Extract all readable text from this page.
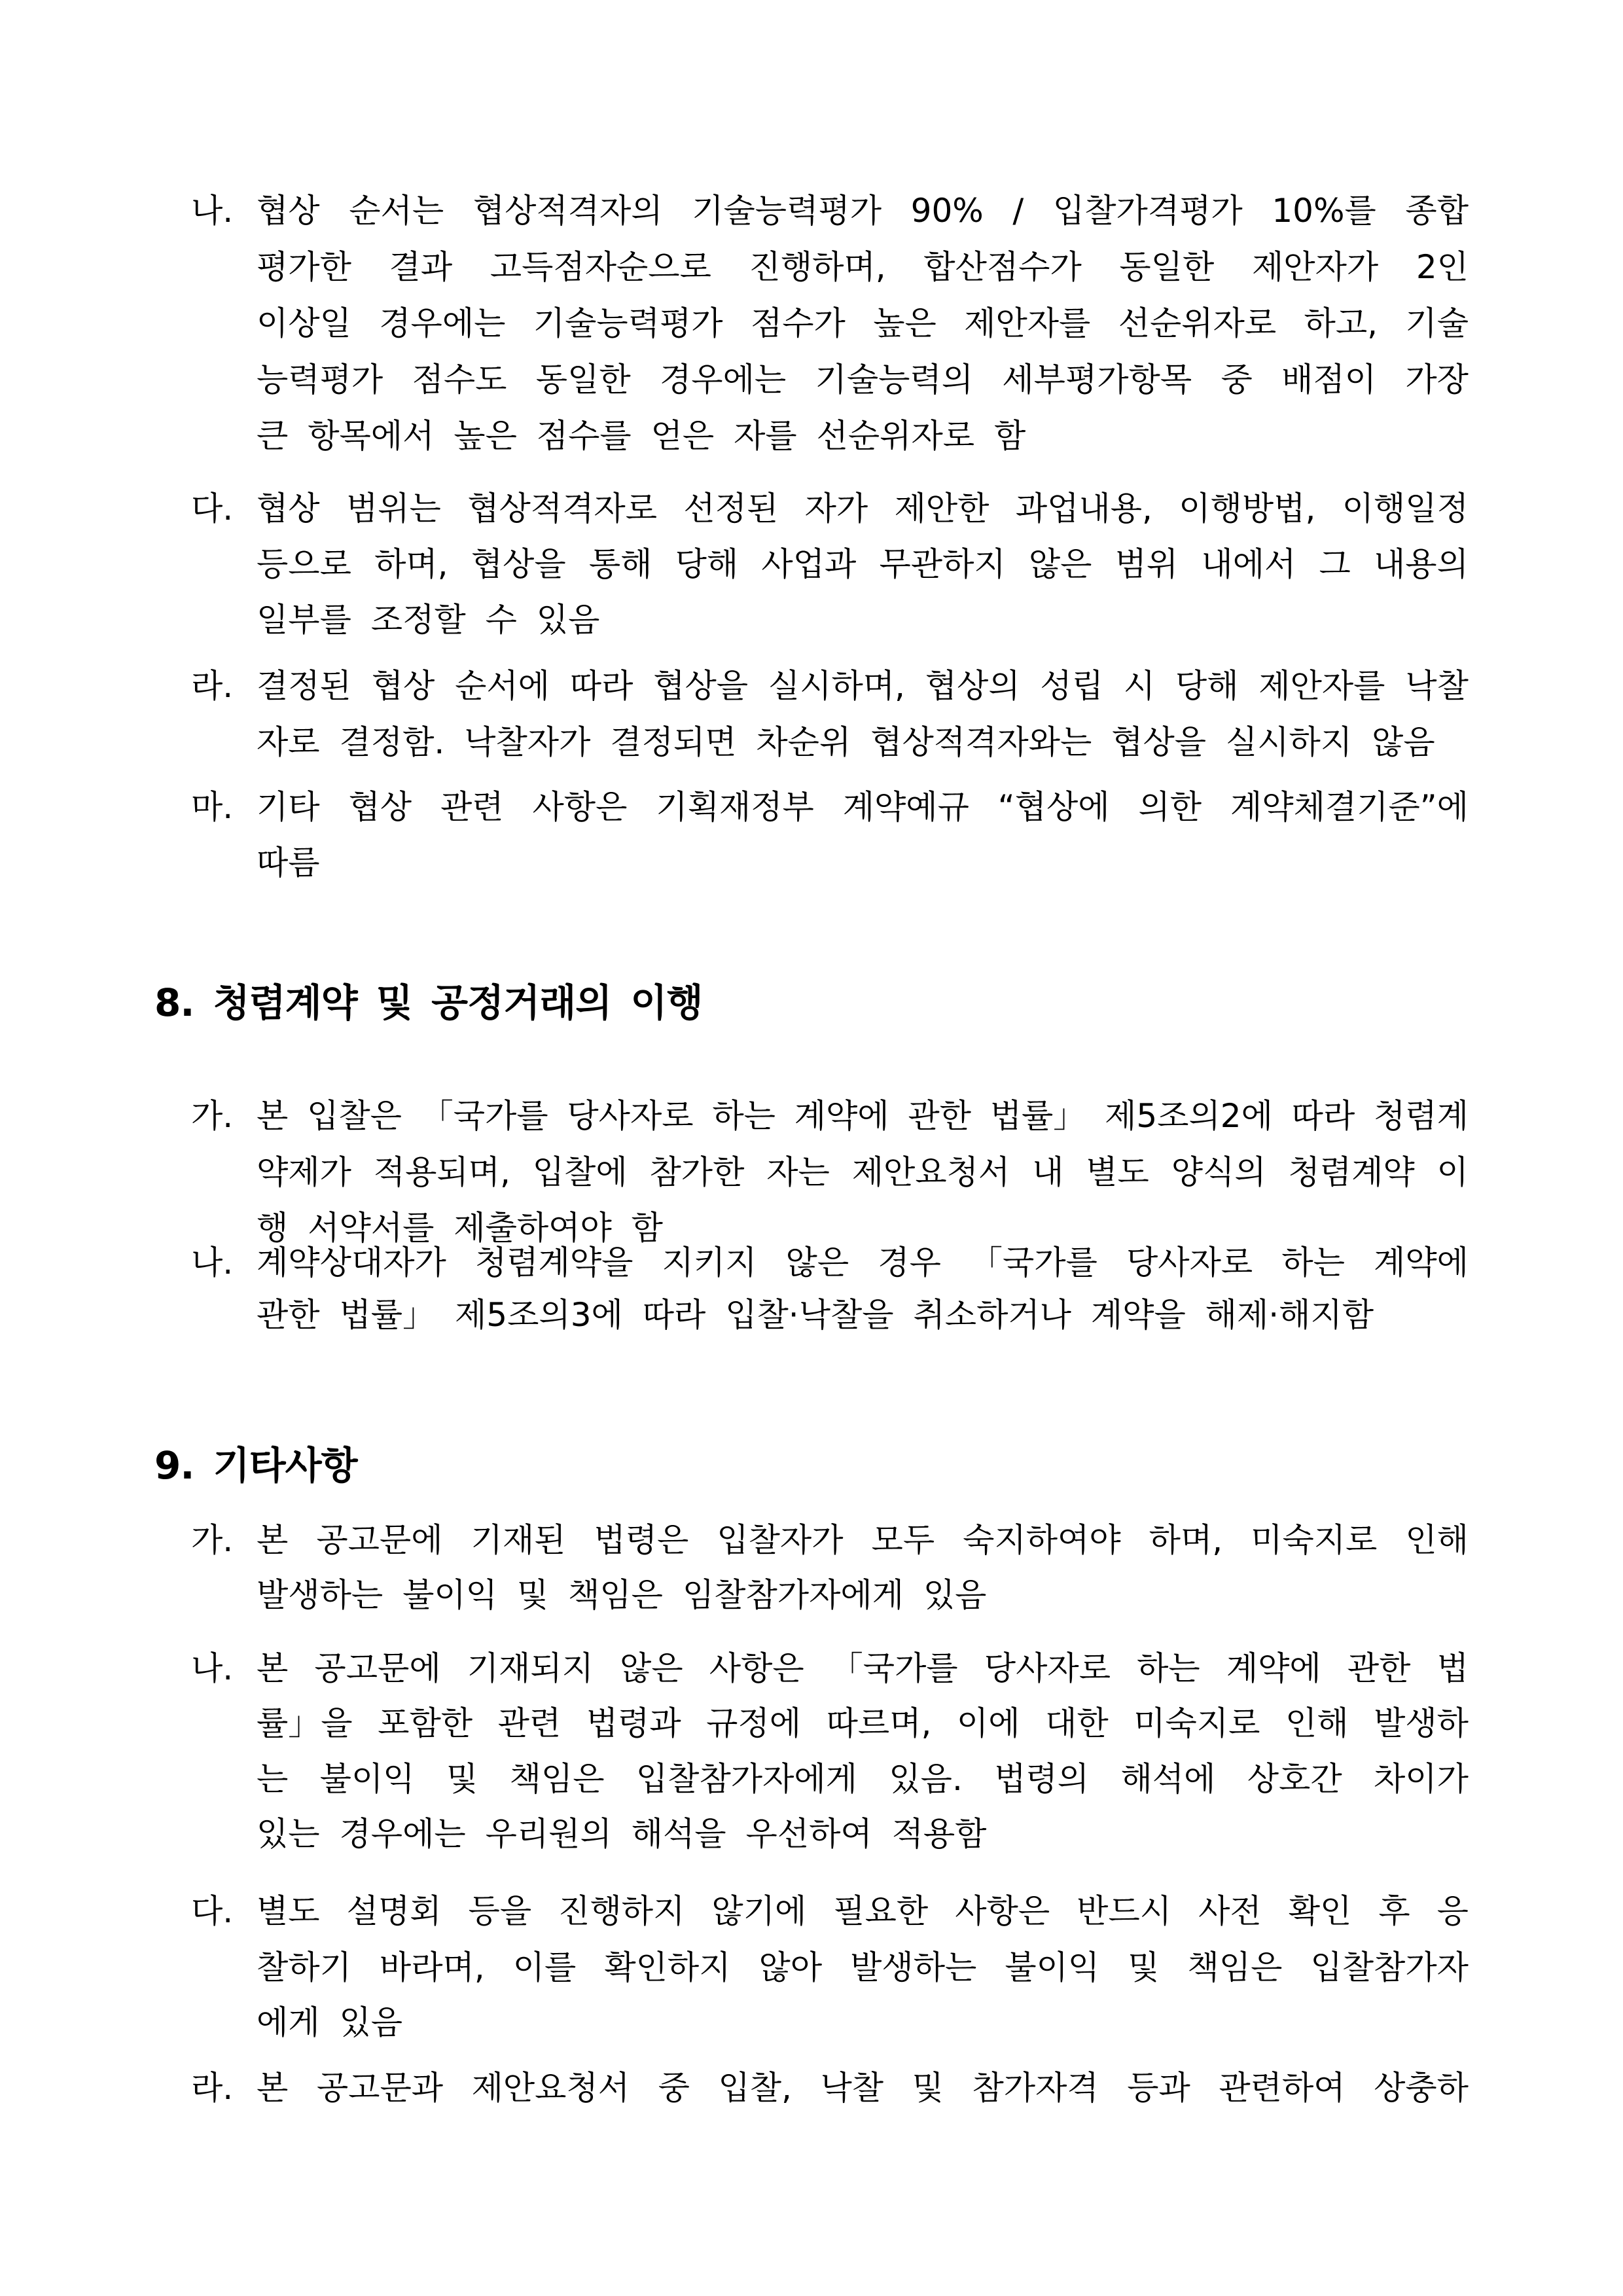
나. 협상 순서는 협상적격자의 기술능력평가 90% / 입찰가격평가 10%를 종합
평가한 결과 고득점자순으로 진행하며, 합산점수가 동일한 제안자가 2인
이상일 경우에는 기술능력평가 점수가 높은 제안자를 선순위자로 하고, 기술
능력평가 점수도 동일한 경우에는 기술능력의 세부평가항목 중 배점이 가장
큰 항목에서 높은 점수를 얻은 자를 선순위자로 함
다. 협상 범위는 협상적격자로 선정된 자가 제안한 과업내용, 이행방법, 이행일정
등으로 하며, 협상을 통해 당해 사업과 무관하지 않은 범위 내에서 그 내용의
일부를 조정할 수 있음
라. 결정된 협상 순서에 따라 협상을 실시하며, 협상의 성립 시 당해 제안자를 낙찰
자로 결정함. 낙찰자가 결정되면 차순위 협상적격자와는 협상을 실시하지 않음
마. 기타 협상 관련 사항은 기획재정부 계약예규 “협상에 의한 계약체결기준”에
따름
8. 청렴계약 및 공정거래의 이행
가. 본 입찰은 「국가를 당사자로 하는 계약에 관한 법률」 제5조의2에 따라 청렴계
약제가 적용되며, 입찰에 참가한 자는 제안요청서 내 별도 양식의 청렴계약 이
행 서약서를 제출하여야 함
나. 계약상대자가 청렴계약을 지키지 않은 경우 「국가를 당사자로 하는 계약에
관한 법률」 제5조의3에 따라 입찰·낙찰을 취소하거나 계약을 해제·해지함
9. 기타사항
가. 본 공고문에 기재된 법령은 입찰자가 모두 숙지하여야 하며, 미숙지로 인해
발생하는 불이익 및 책임은 임찰참가자에게 있음
나. 본 공고문에 기재되지 않은 사항은 「국가를 당사자로 하는 계약에 관한 법
률」을 포함한 관련 법령과 규정에 따르며, 이에 대한 미숙지로 인해 발생하
는 불이익 및 책임은 입찰참가자에게 있음. 법령의 해석에 상호간 차이가
있는 경우에는 우리원의 해석을 우선하여 적용함
다. 별도 설명회 등을 진행하지 않기에 필요한 사항은 반드시 사전 확인 후 응
찰하기 바라며, 이를 확인하지 않아 발생하는 불이익 및 책임은 입찰참가자
에게 있음
라. 본 공고문과 제안요청서 중 입찰, 낙찰 및 참가자격 등과 관련하여 상충하
